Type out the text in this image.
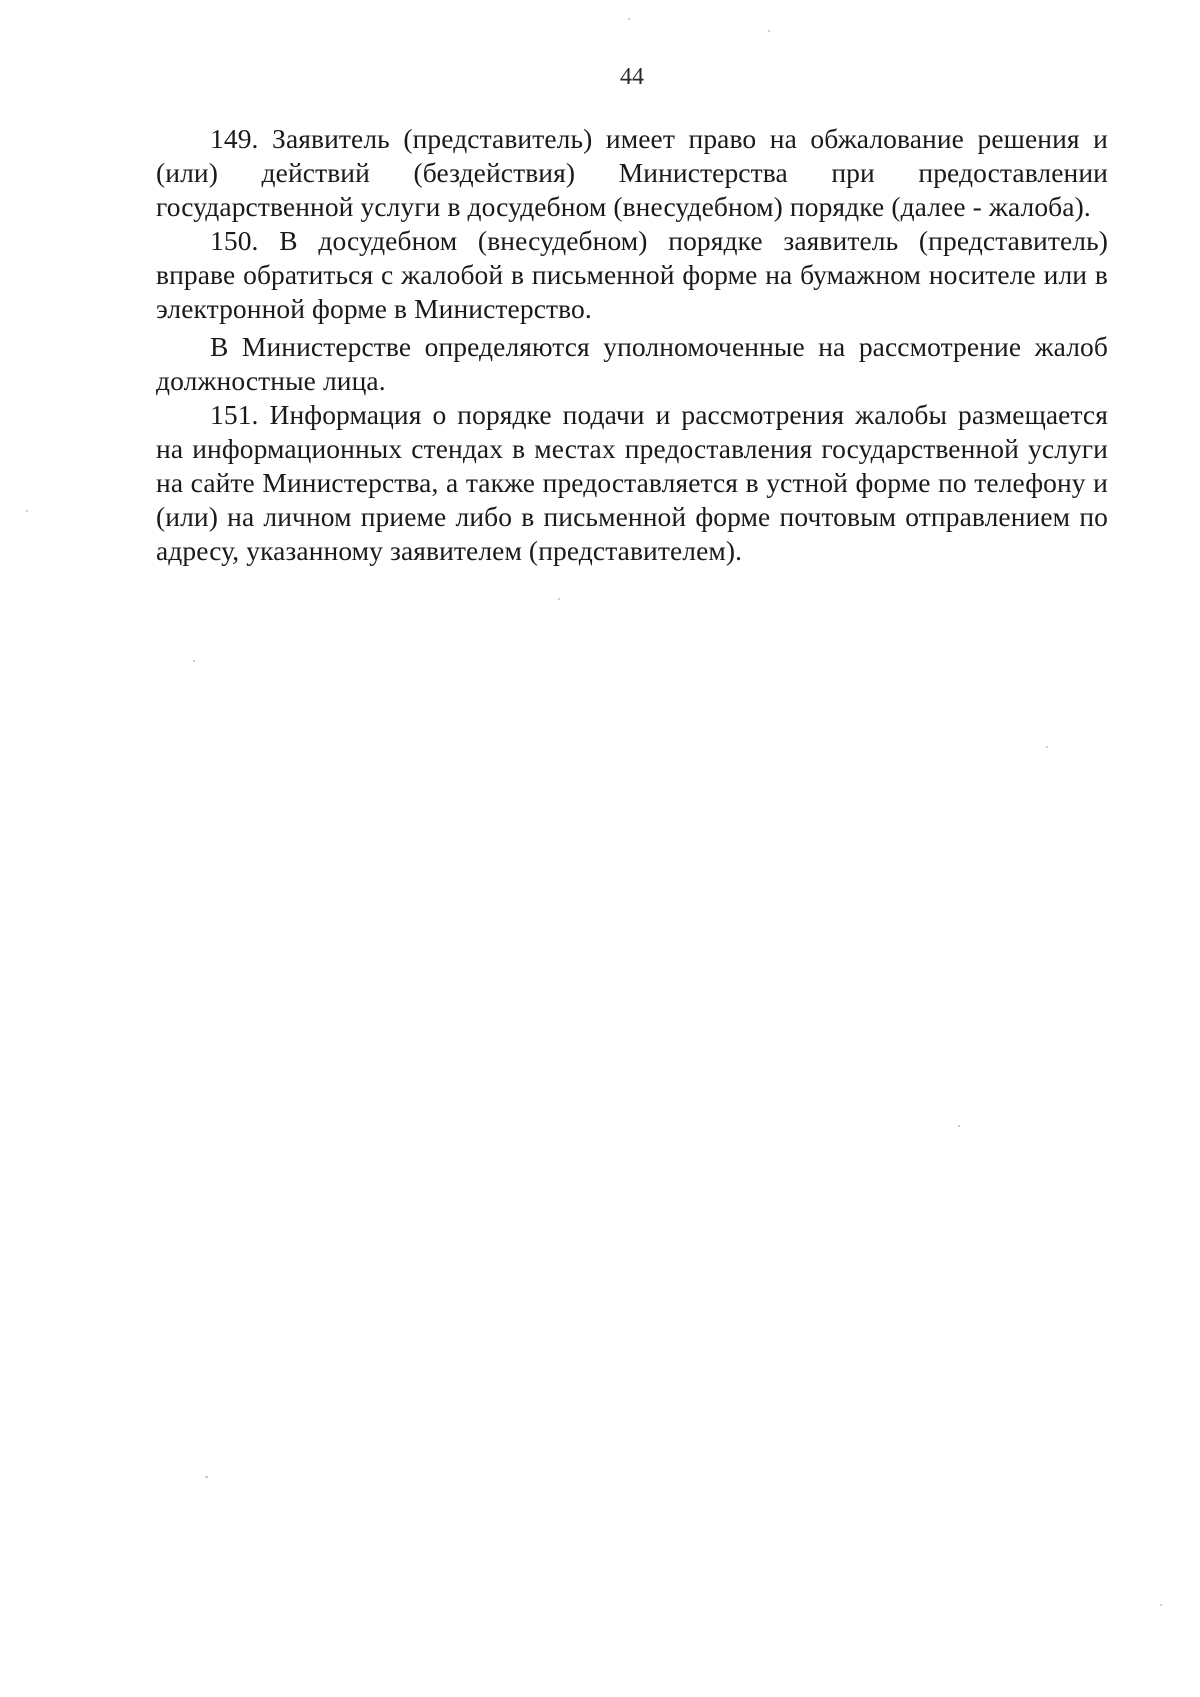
44

149. Заявитель (представитель) имеет право на обжалование решения и (или) действий (бездействия) Министерства при предоставлении государственной услуги в досудебном (внесудебном) порядке (далее - жалоба).

150. В досудебном (внесудебном) порядке заявитель (представитель) вправе обратиться с жалобой в письменной форме на бумажном носителе или в электронной форме в Министерство.

В Министерстве определяются уполномоченные на рассмотрение жалоб должностные лица.

151. Информация о порядке подачи и рассмотрения жалобы размещается на информационных стендах в местах предоставления государственной услуги на сайте Министерства, а также предоставляется в устной форме по телефону и (или) на личном приеме либо в письменной форме почтовым отправлением по адресу, указанному заявителем (представителем).
